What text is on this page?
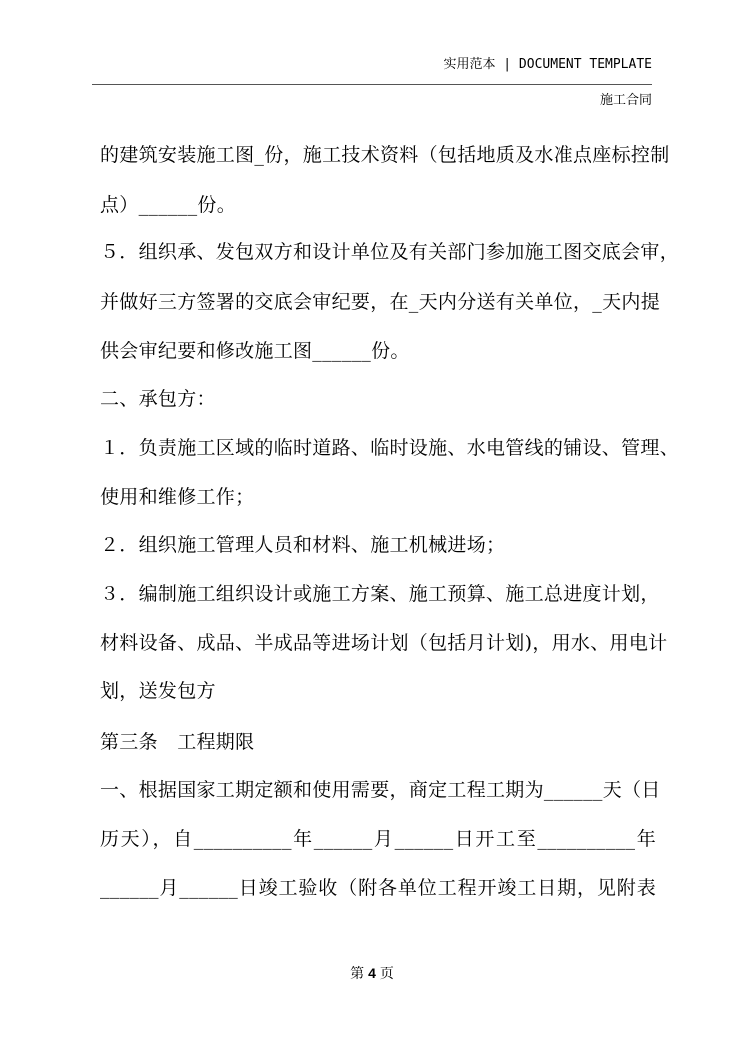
实用范本 | DOCUMENT TEMPLATE
施工合同
的建筑安装施工图_份，施工技术资料（包括地质及水准点座标控制
点）______份。
５．组织承、发包双方和设计单位及有关部门参加施工图交底会审，
并做好三方签署的交底会审纪要，在_天内分送有关单位，_天内提
供会审纪要和修改施工图______份。
二、承包方：
１．负责施工区域的临时道路、临时设施、水电管线的铺设、管理、
使用和维修工作；
２．组织施工管理人员和材料、施工机械进场；
３．编制施工组织设计或施工方案、施工预算、施工总进度计划，
材料设备、成品、半成品等进场计划（包括月计划)，用水、用电计
划，送发包方
第三条　工程期限
一、根据国家工期定额和使用需要，商定工程工期为______天（日
历天），自__________年______月______日开工至__________年
______月______日竣工验收（附各单位工程开竣工日期，见附表
第 4 页
